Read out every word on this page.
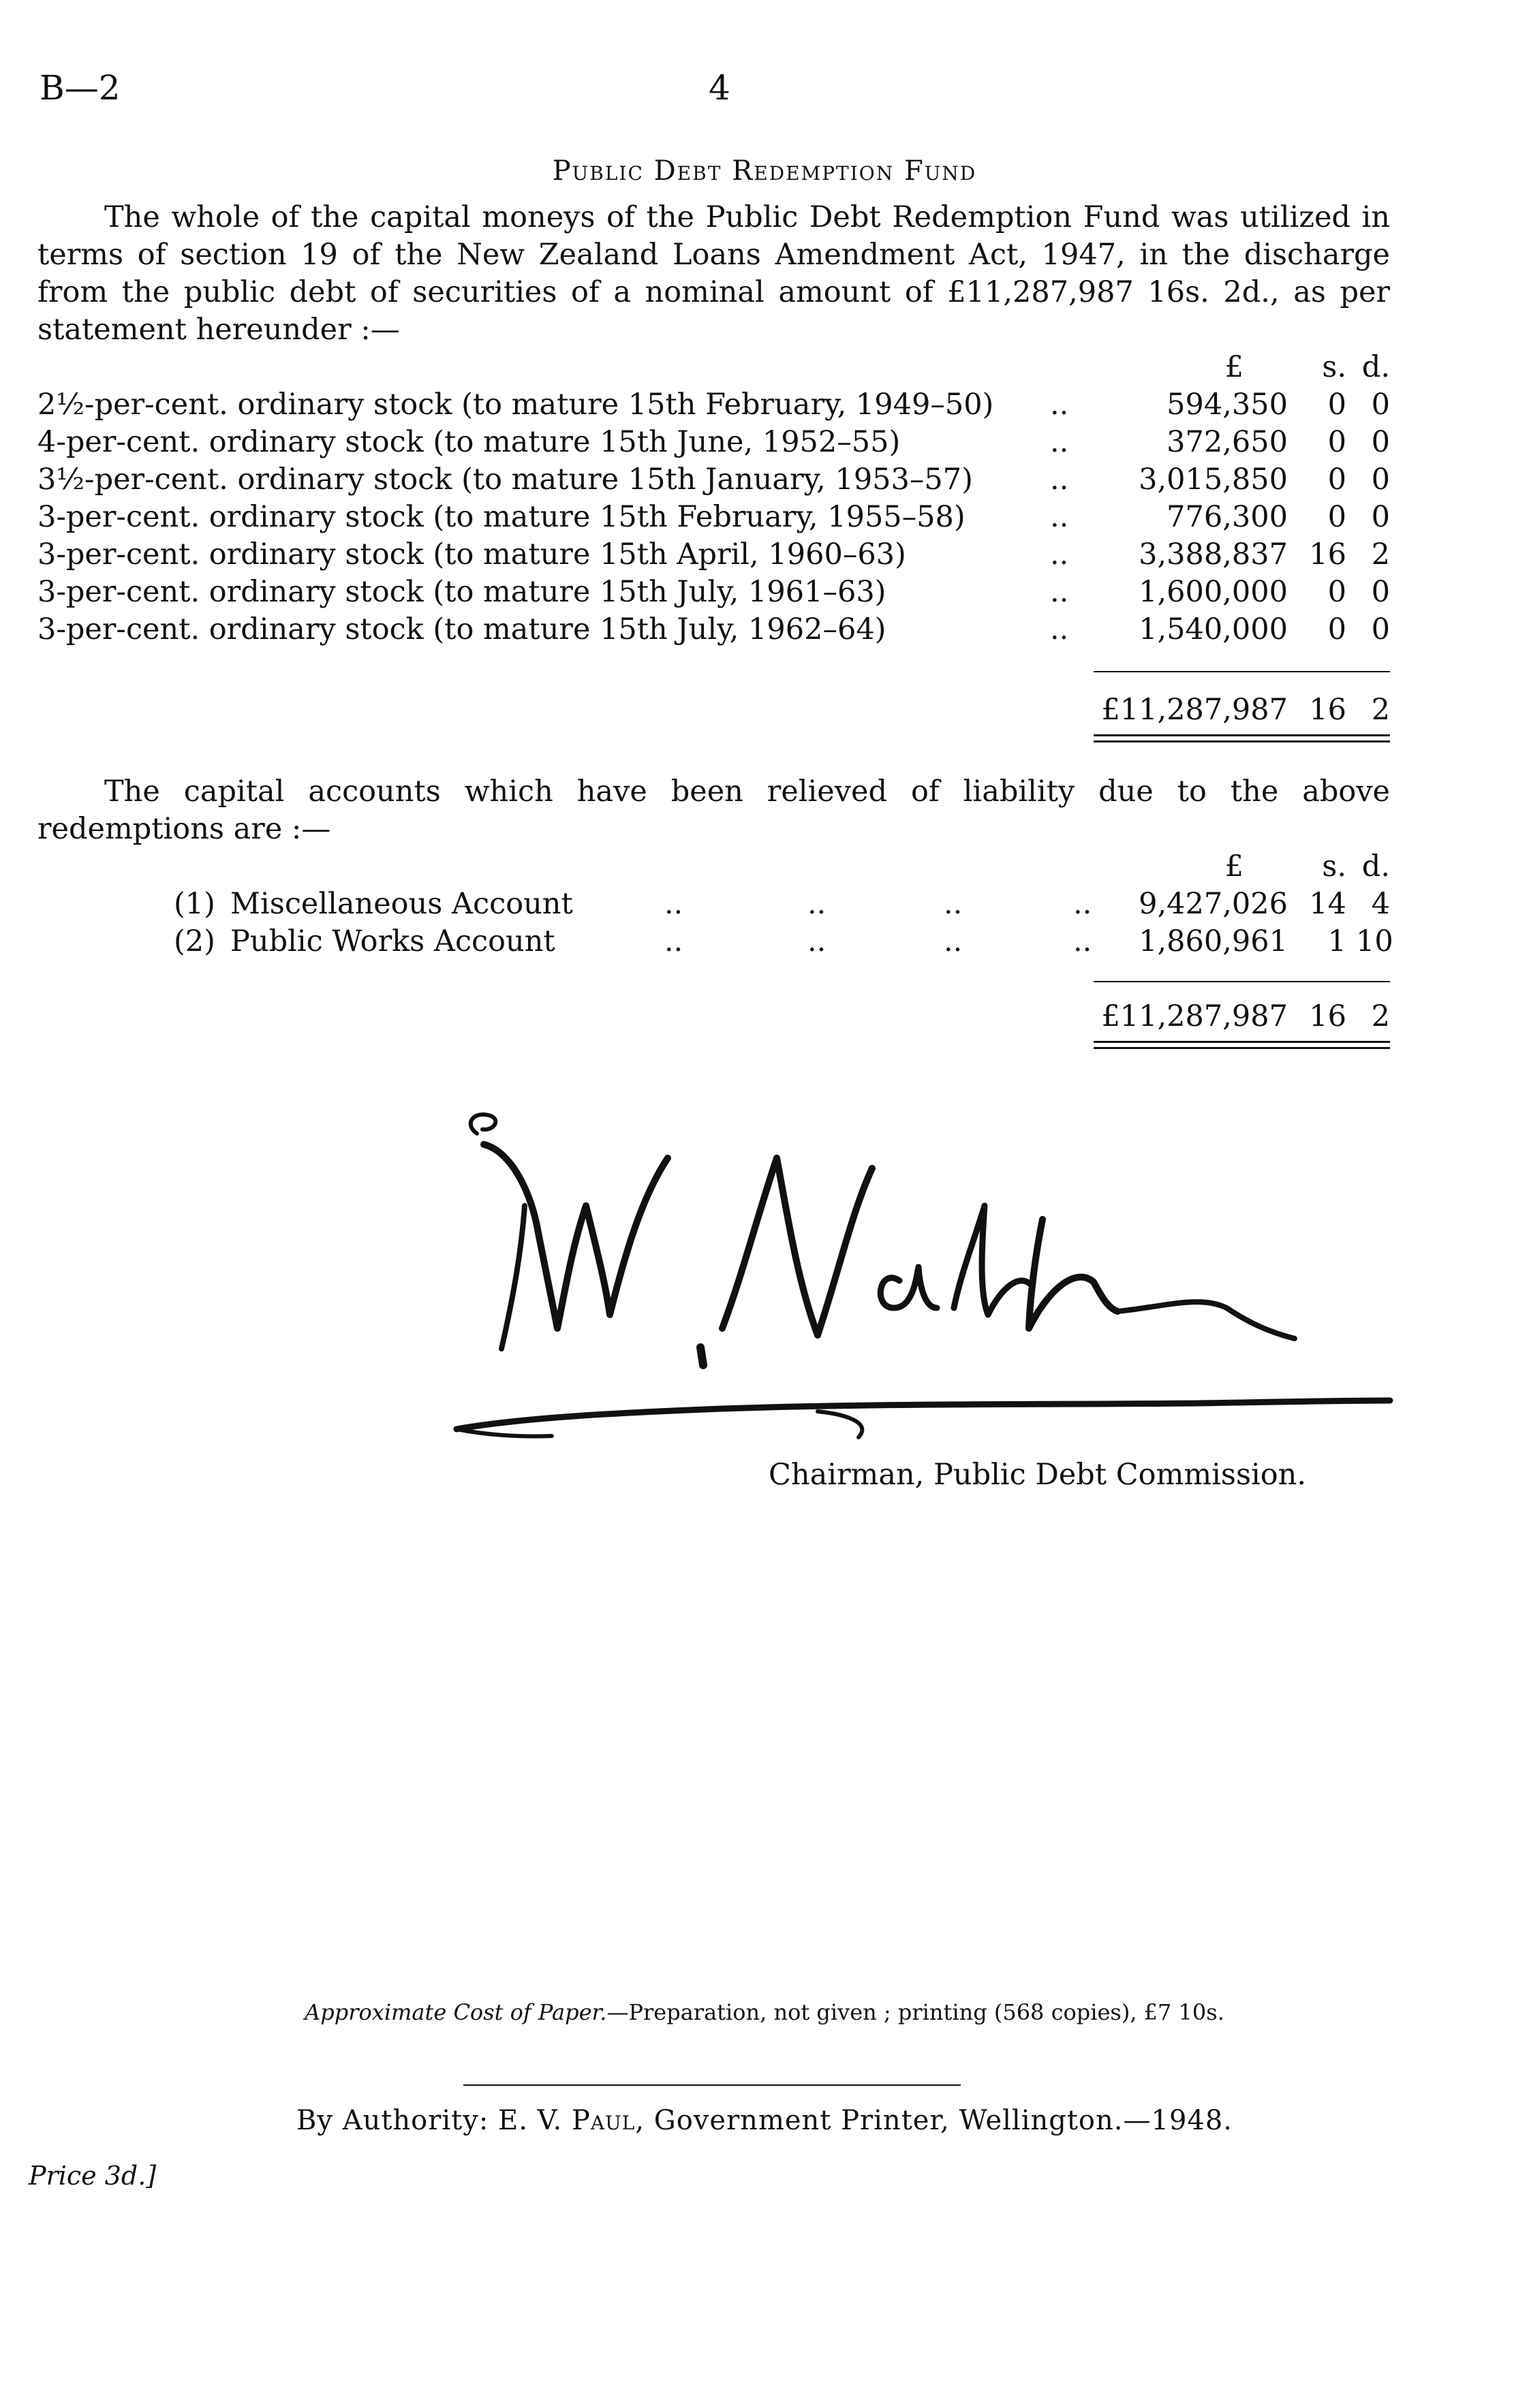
B—2	4
Public Debt Redemption Fund

The whole of the capital moneys of the Public Debt Redemption Fund was utilized in terms of section 19 of the New Zealand Loans Amendment Act, 1947, in the discharge from the public debt of securities of a nominal amount of £11,287,987 16s. 2d., as per statement hereunder :—

£	s. d.
2½-per-cent. ordinary stock (to mature 15th February, 1949–50) ..	594,350	0 0
4-per-cent. ordinary stock (to mature 15th June, 1952–55)	..	372,650	0 0
3½-per-cent. ordinary stock (to mature 15th January, 1953–57)	..	3,015,850	0 0
3-per-cent. ordinary stock (to mature 15th February, 1955–58)	..	776,300	0 0
3-per-cent. ordinary stock (to mature 15th April, 1960–63)	..	3,388,837 16 2
3-per-cent. ordinary stock (to mature 15th July, 1961–63)	..	1,600,000	0 0
3-per-cent. ordinary stock (to mature 15th July, 1962–64)	..	1,540,000	0 0
£11,287,987 16 2

The capital accounts which have been relieved of liability due to the above redemptions are :—

£	s. d.
(1) Miscellaneous Account	..	..	..	..	9,427,026 14 4
(2) Public Works Account	..	..	..	..	1,860,961	1 10
£11,287,987 16 2
Chairman, Public Debt Commission.
Approximate Cost of Paper.—Preparation, not given ; printing (568 copies), £7 10s.
By Authority: E. V. Paul, Government Printer, Wellington.—1948.
Price 3d.]
